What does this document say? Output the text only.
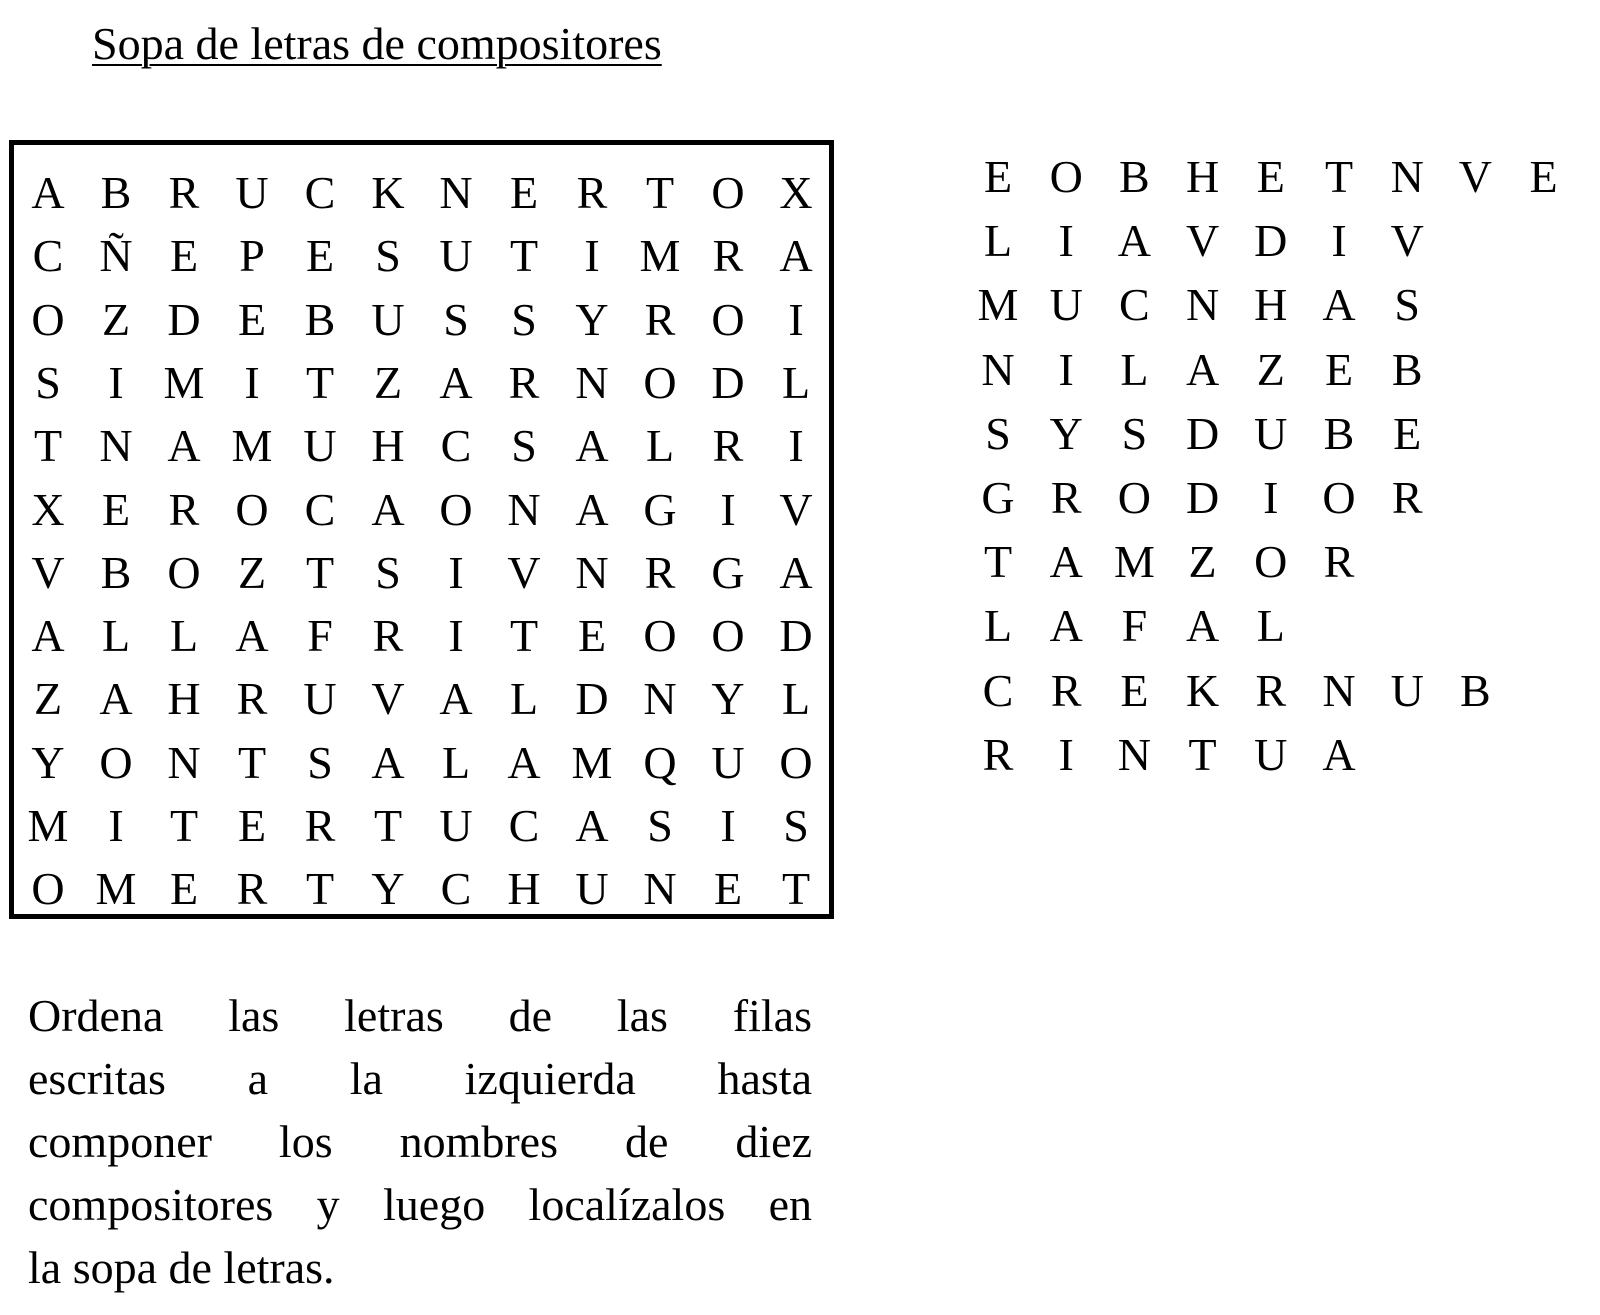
Sopa de letras de compositores
A B R U C K N E R T O X
C Ñ E P E S U T	I M R A
O Z D E B U S S Y R O I
S	I M I	T Z A R N O D L
T N A M U H C S A L R I
X E R O C A O N A G I V
V B O Z T S	I V N R G A
A L L A F R I	T E O O D
Z A H R U V A L D N Y L
Y O N T S A L A M Q U O
M I	T E R T U C A S	I	S
O M E R T Y C H U N E T
E O B H E T N V E
L	I A V D I V
M U C N H A S
N I	L A Z E B
S Y S D U B E
G R O D I O R
T A M Z O R
L A F A L
C R E K R N U B
R I N T U A
Ordena las letras de las filas
escritas a la izquierda hasta
componer los nombres de diez
compositores y luego localízalos en
la sopa de letras.
